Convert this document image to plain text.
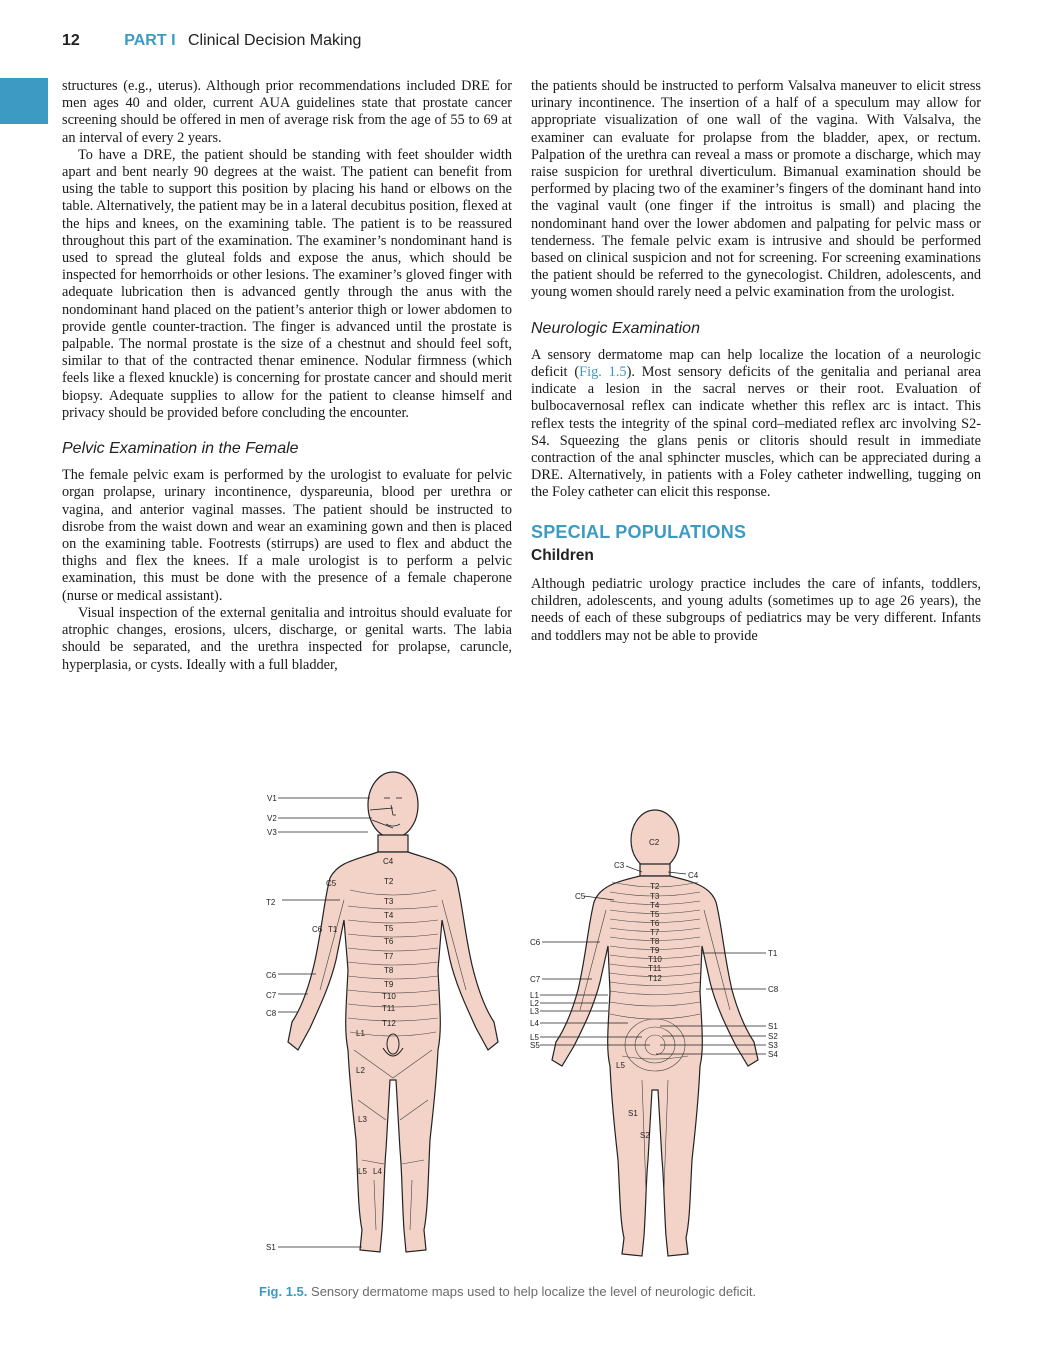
12	PART I Clinical Decision Making

structures (e.g., uterus). Although prior recommendations included DRE for men ages 40 and older, current AUA guidelines state that prostate cancer screening should be offered in men of average risk from the age of 55 to 69 at an interval of every 2 years.

To have a DRE, the patient should be standing with feet shoulder width apart and bent nearly 90 degrees at the waist. The patient can benefit from using the table to support this position by placing his hand or elbows on the table. Alternatively, the patient may be in a lateral decubitus position, flexed at the hips and knees, on the examining table. The patient is to be reassured throughout this part of the examination. The examiner’s nondominant hand is used to spread the gluteal folds and expose the anus, which should be inspected for hemorrhoids or other lesions. The examiner’s gloved finger with adequate lubrication then is advanced gently through the anus with the nondominant hand placed on the patient’s anterior thigh or lower abdomen to provide gentle counter-traction. The finger is advanced until the prostate is palpable. The normal prostate is the size of a chestnut and should feel soft, similar to that of the contracted thenar eminence. Nodular firmness (which feels like a flexed knuckle) is concerning for prostate cancer and should merit biopsy. Adequate supplies to allow for the patient to cleanse himself and privacy should be provided before concluding the encounter.

Pelvic Examination in the Female

The female pelvic exam is performed by the urologist to evaluate for pelvic organ prolapse, urinary incontinence, dyspareunia, blood per urethra or vagina, and anterior vaginal masses. The patient should be instructed to disrobe from the waist down and wear an examining gown and then is placed on the examining table. Footrests (stirrups) are used to flex and abduct the thighs and flex the knees. If a male urologist is to perform a pelvic examination, this must be done with the presence of a female chaperone (nurse or medical assistant).

Visual inspection of the external genitalia and introitus should evaluate for atrophic changes, erosions, ulcers, discharge, or genital warts. The labia should be separated, and the urethra inspected for prolapse, caruncle, hyperplasia, or cysts. Ideally with a full bladder,

the patients should be instructed to perform Valsalva maneuver to elicit stress urinary incontinence. The insertion of a half of a speculum may allow for appropriate visualization of one wall of the vagina. With Valsalva, the examiner can evaluate for prolapse from the bladder, apex, or rectum. Palpation of the urethra can reveal a mass or promote a discharge, which may raise suspicion for urethral diverticulum. Bimanual examination should be performed by placing two of the examiner’s fingers of the dominant hand into the vaginal vault (one finger if the introitus is small) and placing the nondominant hand over the lower abdomen and palpating for pelvic mass or tenderness. The female pelvic exam is intrusive and should be performed based on clinical suspicion and not for screening. For screening examinations the patient should be referred to the gynecologist. Children, adolescents, and young women should rarely need a pelvic examination from the urologist.

Neurologic Examination

A sensory dermatome map can help localize the location of a neurologic deficit (Fig. 1.5). Most sensory deficits of the genitalia and perianal area indicate a lesion in the sacral nerves or their root. Evaluation of bulbocavernosal reflex can indicate whether this reflex arc is intact. This reflex tests the integrity of the spinal cord–mediated reflex arc involving S2-S4. Squeezing the glans penis or clitoris should result in immediate contraction of the anal sphincter muscles, which can be appreciated during a DRE. Alternatively, in patients with a Foley catheter indwelling, tugging on the Foley catheter can elicit this response.

SPECIAL POPULATIONS
Children

Although pediatric urology practice includes the care of infants, toddlers, children, adolescents, and young adults (sometimes up to age 26 years), the needs of each of these subgroups of pediatrics may be very different. Infants and toddlers may not be able to provide

V1
V2
V3
C4
C5
T2
T2
T3
T4
T5
T6
T7
T8
T9
T10
T11
T12
C6 T1
C6
C7
C8
L1
L2
L3
L5 L4
S1
C2
C3
C4
C5
T2
T3
T4
T5
T6
T7
T8
T9
T10
T11
T12
C6
T1
C7
C8
L1
L2
L3
L4
L5
S5
S1
S2
S3
S4
L5
S1
S2
Fig. 1.5. Sensory dermatome maps used to help localize the level of neurologic deficit.
